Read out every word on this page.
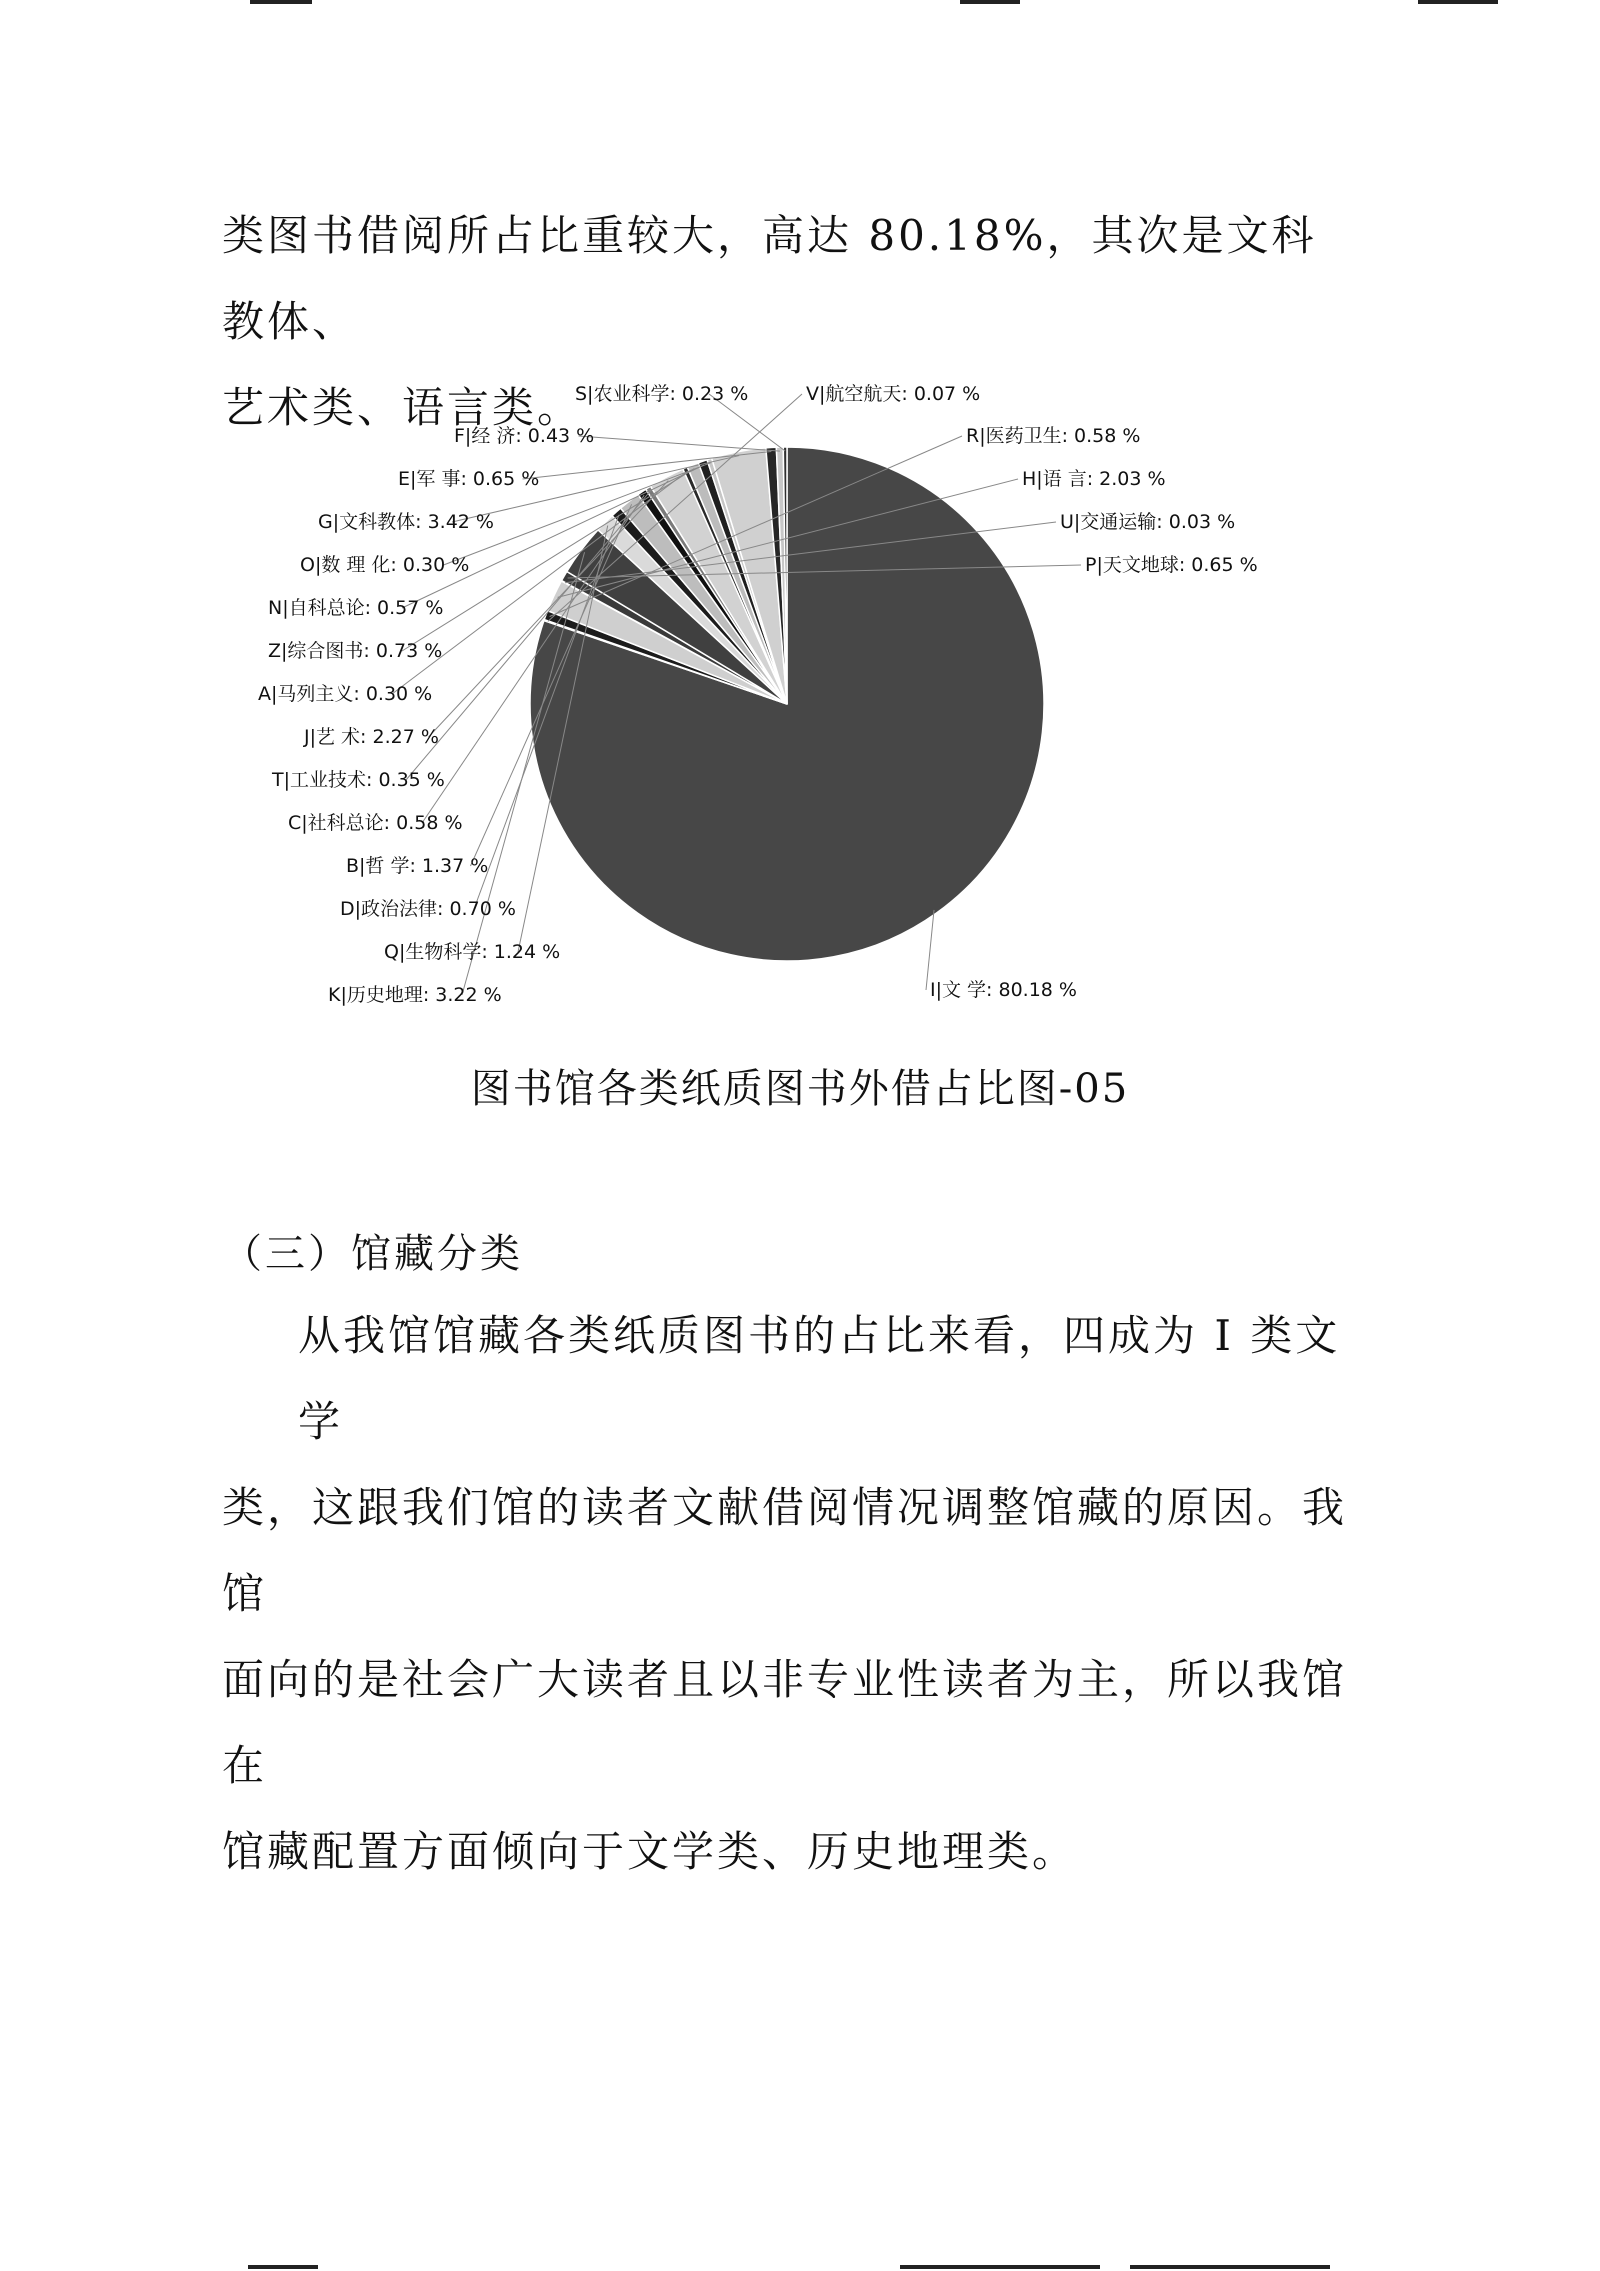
类图书借阅所占比重较大，高达 80.18%，其次是文科教体、
艺术类、语言类。

I|文 学: 80.18 %
V|航空航天: 0.07 %
R|医药卫生: 0.58 %
H|语 言: 2.03 %
U|交通运输: 0.03 %
P|天文地球: 0.65 %
K|历史地理: 3.22 %
Q|生物科学: 1.24 %
D|政治法律: 0.70 %
B|哲 学: 1.37 %
C|社科总论: 0.58 %
T|工业技术: 0.35 %
J|艺 术: 2.27 %
A|马列主义: 0.30 %
Z|综合图书: 0.73 %
N|自科总论: 0.57 %
O|数 理 化: 0.30 %
G|文科教体: 3.42 %
E|军 事: 0.65 %
F|经 济: 0.43 %
S|农业科学: 0.23 %
图书馆各类纸质图书外借占比图-05
（三）馆藏分类

从我馆馆藏各类纸质图书的占比来看，四成为 I 类文学
类，这跟我们馆的读者文献借阅情况调整馆藏的原因。我馆
面向的是社会广大读者且以非专业性读者为主，所以我馆在
馆藏配置方面倾向于文学类、历史地理类。
